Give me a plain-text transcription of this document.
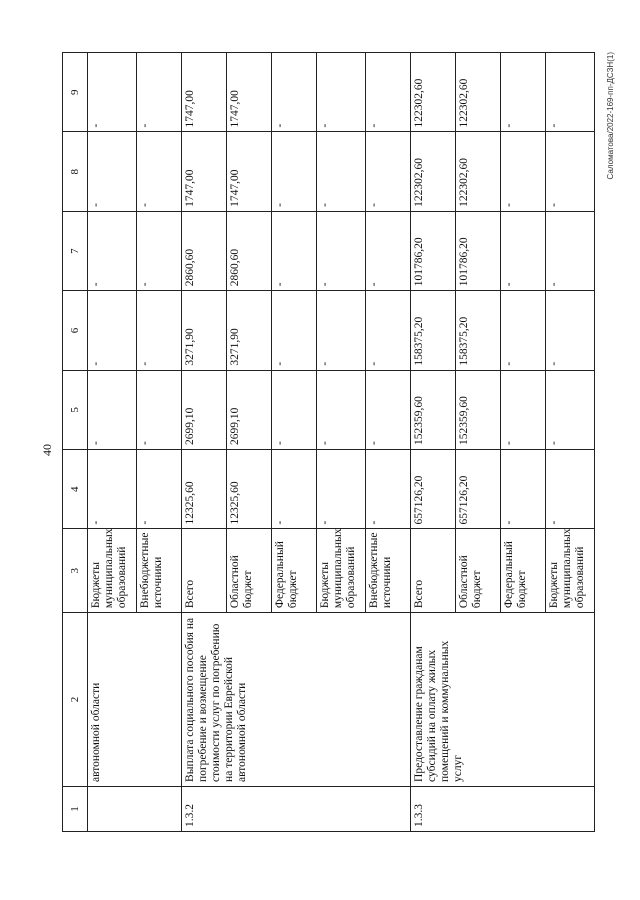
40
1	2	3	4	5	6	7	8	9
	автономной области	Бюджеты муниципальных образований	-	-	-	-	-	-
		Внебюджетные источники	-	-	-	-	-	-
1.3.2	Выплата социального пособия на погребение и возмещение стоимости услуг по погребению на территории Еврейской автономной области	Всего	12325,60	2699,10	3271,90	2860,60	1747,00	1747,00
		Областной бюджет	12325,60	2699,10	3271,90	2860,60	1747,00	1747,00
		Федеральный бюджет	-	-	-	-	-	-
		Бюджеты муниципальных образований	-	-	-	-	-	-
		Внебюджетные источники	-	-	-	-	-	-
1.3.3	Предоставление гражданам субсидий на оплату жилых помещений и коммунальных услуг	Всего	657126,20	152359,60	158375,20	101786,20	122302,60	122302,60
		Областной бюджет	657126,20	152359,60	158375,20	101786,20	122302,60	122302,60
		Федеральный бюджет	-	-	-	-	-	-
		Бюджеты муниципальных образований	-	-	-	-	-	-	Саломатова/2022-169-пп-ДСЗН(1)
